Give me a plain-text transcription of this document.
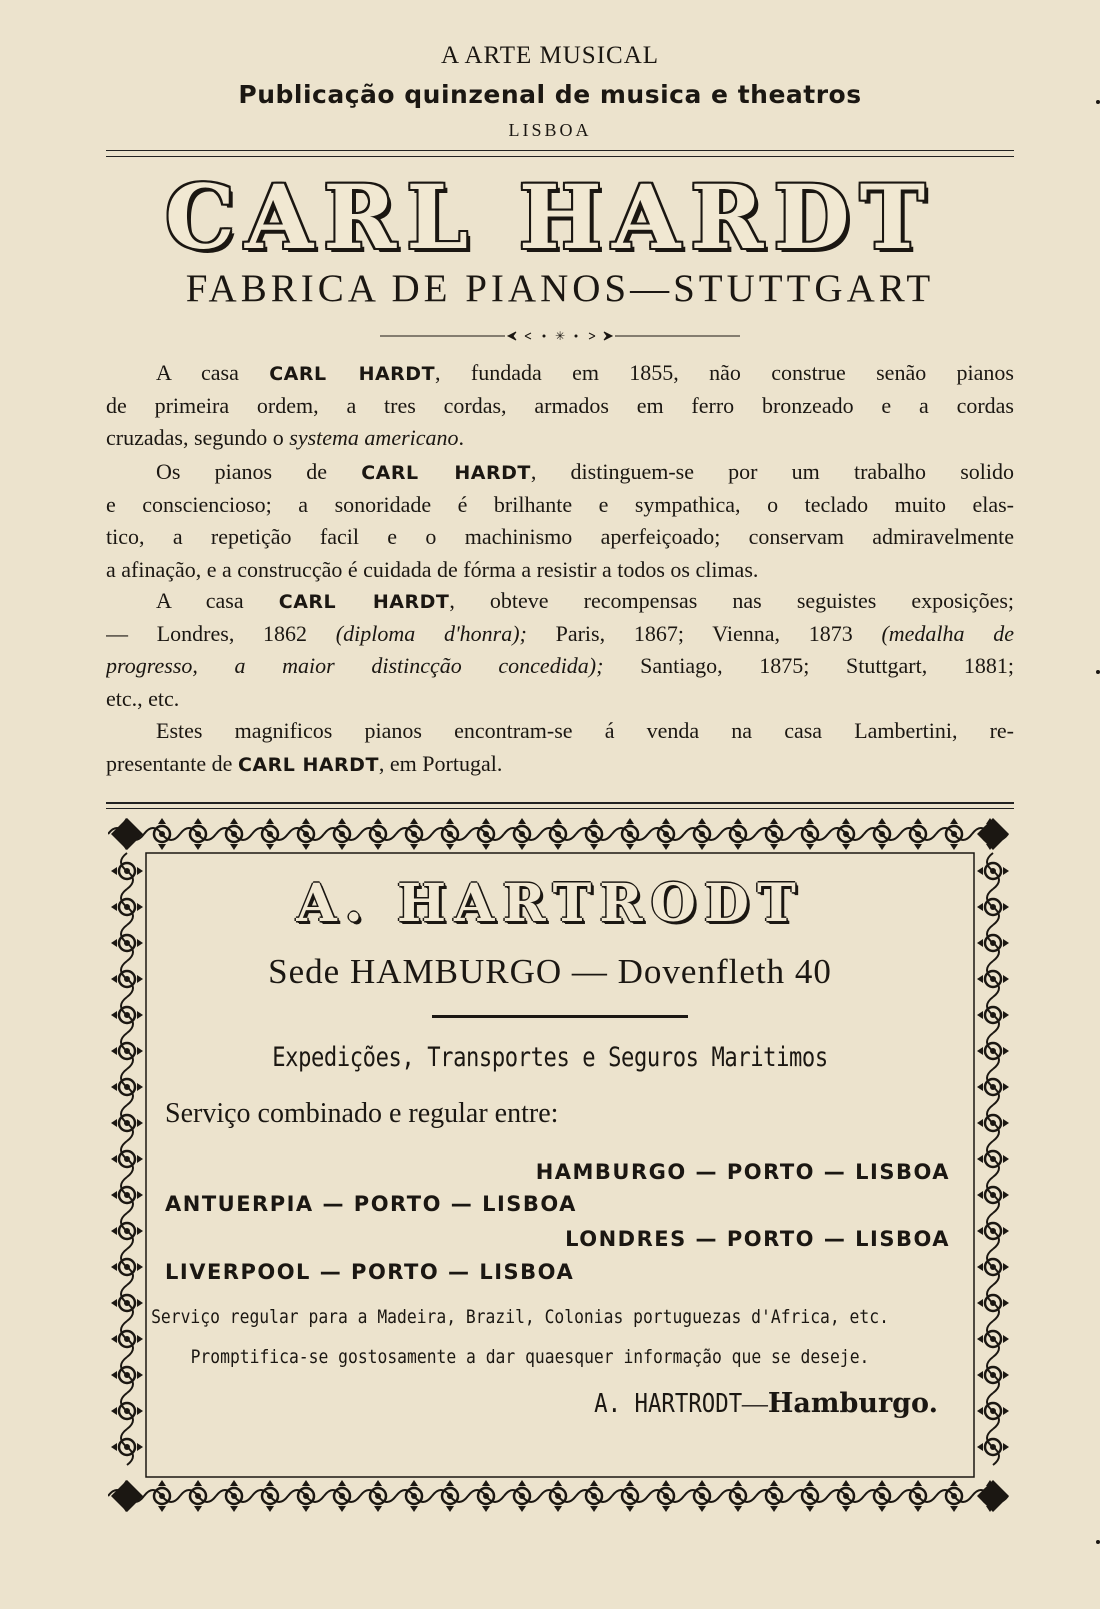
A ARTE MUSICAL
Publicação quinzenal de musica e theatros
LISBOA
CARL HARDT
FABRICA DE PIANOS—STUTTGART
✳
A casa CARL HARDT, fundada em 1855, não construe senão pianos
de primeira ordem, a tres cordas, armados em ferro bronzeado e a cordas
cruzadas, segundo o systema americano.
Os pianos de CARL HARDT, distinguem-se por um trabalho solido
e consciencioso; a sonoridade é brilhante e sympathica, o teclado muito elas-
tico, a repetição facil e o machinismo aperfeiçoado; conservam admiravelmente
a afinação, e a construcção é cuidada de fórma a resistir a todos os climas.
A casa CARL HARDT, obteve recompensas nas seguistes exposições;
— Londres, 1862 (diploma d'honra); Paris, 1867; Vienna, 1873 (medalha de
progresso, a maior distincção concedida); Santiago, 1875; Stuttgart, 1881;
etc., etc.
Estes magnificos pianos encontram-se á venda na casa Lambertini, re-
presentante de CARL HARDT, em Portugal.
A. HARTRODT
Sede HAMBURGO — Dovenfleth 40
Expedições, Transportes e Seguros Maritimos
Serviço combinado e regular entre:
HAMBURGO — PORTO — LISBOA
ANTUERPIA — PORTO — LISBOA
LONDRES — PORTO — LISBOA
LIVERPOOL — PORTO — LISBOA
Serviço regular para a Madeira, Brazil, Colonias portuguezas d'Africa, etc.
Promptifica-se gostosamente a dar quaesquer informação que se deseje.
A. HARTRODT—Hamburgo.
